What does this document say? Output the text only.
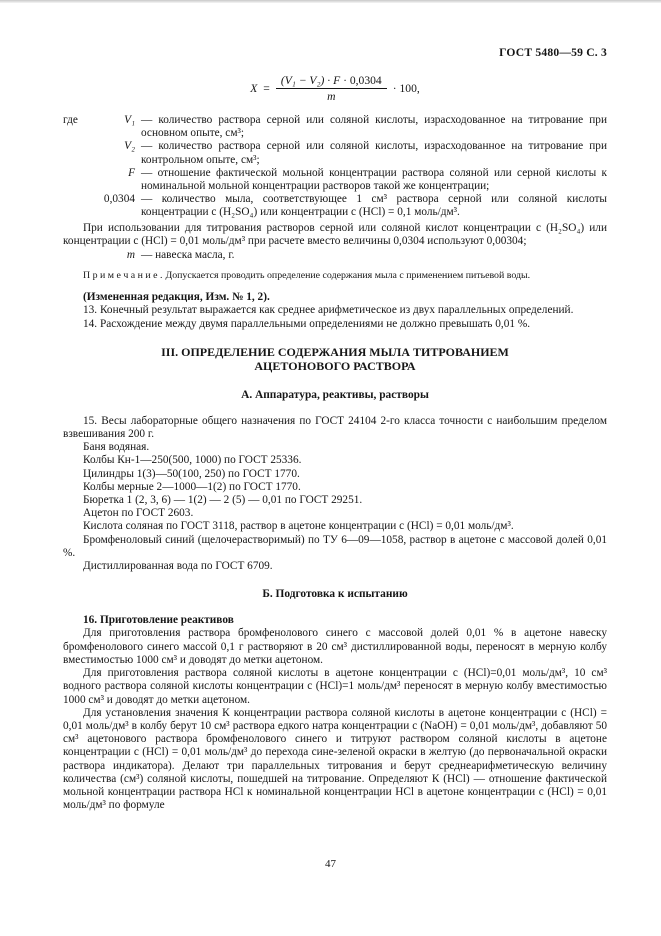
ГОСТ 5480—59 С. 3
$X = \frac{\text{(V₁ − V₂) · F · 0,0304}}{m} \cdot 100$,
где	V₁ — количество раствора серной или соляной кислоты, израсходованное на титрование при основном опыте, см³;
V₂ — количество раствора серной или соляной кислоты, израсходованное на титрование при контрольном опыте, см³;
F — отношение фактической мольной концентрации раствора соляной или серной кислоты к номинальной мольной концентрации растворов такой же концентрации;
0,0304 — количество мыла, соответствующее 1 см³ раствора серной или соляной кислоты концентрации с (H₂SO₄) или концентрации с (HCl) = 0,1 моль/дм³.

При использовании для титрования растворов серной или соляной кислот концентрации с (H₂SO₄) или концентрации с (HCl) = 0,01 моль/дм³ при расчете вместо величины 0,0304 используют 0,00304;

m — навеска масла, г.

П р и м е ч а н и е . Допускается проводить определение содержания мыла с применением питьевой воды.

(Измененная редакция, Изм. № 1, 2).

13. Конечный результат выражается как среднее арифметическое из двух параллельных определений.

14. Расхождение между двумя параллельными определениями не должно превышать 0,01 %.

III. ОПРЕДЕЛЕНИЕ СОДЕРЖАНИЯ МЫЛА ТИТРОВАНИЕМ
АЦЕТОНОВОГО РАСТВОРА
А. Аппаратура, реактивы, растворы

15. Весы лабораторные общего назначения по ГОСТ 24104 2-го класса точности с наибольшим пределом взвешивания 200 г.

Баня водяная.

Колбы Кн-1—250(500, 1000) по ГОСТ 25336.

Цилиндры 1(3)—50(100, 250) по ГОСТ 1770.

Колбы мерные 2—1000—1(2) по ГОСТ 1770.

Бюретка 1 (2, 3, 6) — 1(2) — 2 (5) — 0,01 по ГОСТ 29251.

Ацетон по ГОСТ 2603.

Кислота соляная по ГОСТ 3118, раствор в ацетоне концентрации с (HCl) = 0,01 моль/дм³.

Бромфеноловый синий (щелочерастворимый) по ТУ 6—09—1058, раствор в ацетоне с массовой долей 0,01 %.

Дистиллированная вода по ГОСТ 6709.

Б. Подготовка к испытанию

16. Приготовление реактивов

Для приготовления раствора бромфенолового синего с массовой долей 0,01 % в ацетоне навеску бромфенолового синего массой 0,1 г растворяют в 20 см³ дистиллированной воды, переносят в мерную колбу вместимостью 1000 см³ и доводят до метки ацетоном.

Для приготовления раствора соляной кислоты в ацетоне концентрации с (HCl)=0,01 моль/дм³, 10 см³ водного раствора соляной кислоты концентрации с (HCl)=1 моль/дм³ переносят в мерную колбу вместимостью 1000 см³ и доводят до метки ацетоном.

Для установления значения К концентрации раствора соляной кислоты в ацетоне концентрации с (HCl) = 0,01 моль/дм³ в колбу берут 10 см³ раствора едкого натра концентрации с (NaOH) = 0,01 моль/дм³, добавляют 50 см³ ацетонового раствора бромфенолового синего и титруют раствором соляной кислоты в ацетоне концентрации с (HCl) = 0,01 моль/дм³ до перехода сине-зеленой окраски в желтую (до первоначальной окраски раствора индикатора). Делают три параллельных титрования и берут среднеарифметическую величину количества (см³) соляной кислоты, пошедшей на титрование. Определяют К (HCl) — отношение фактической мольной концентрации раствора HCl к номинальной концентрации HCl в ацетоне концентрации с (HCl) = 0,01 моль/дм³ по формуле

47
